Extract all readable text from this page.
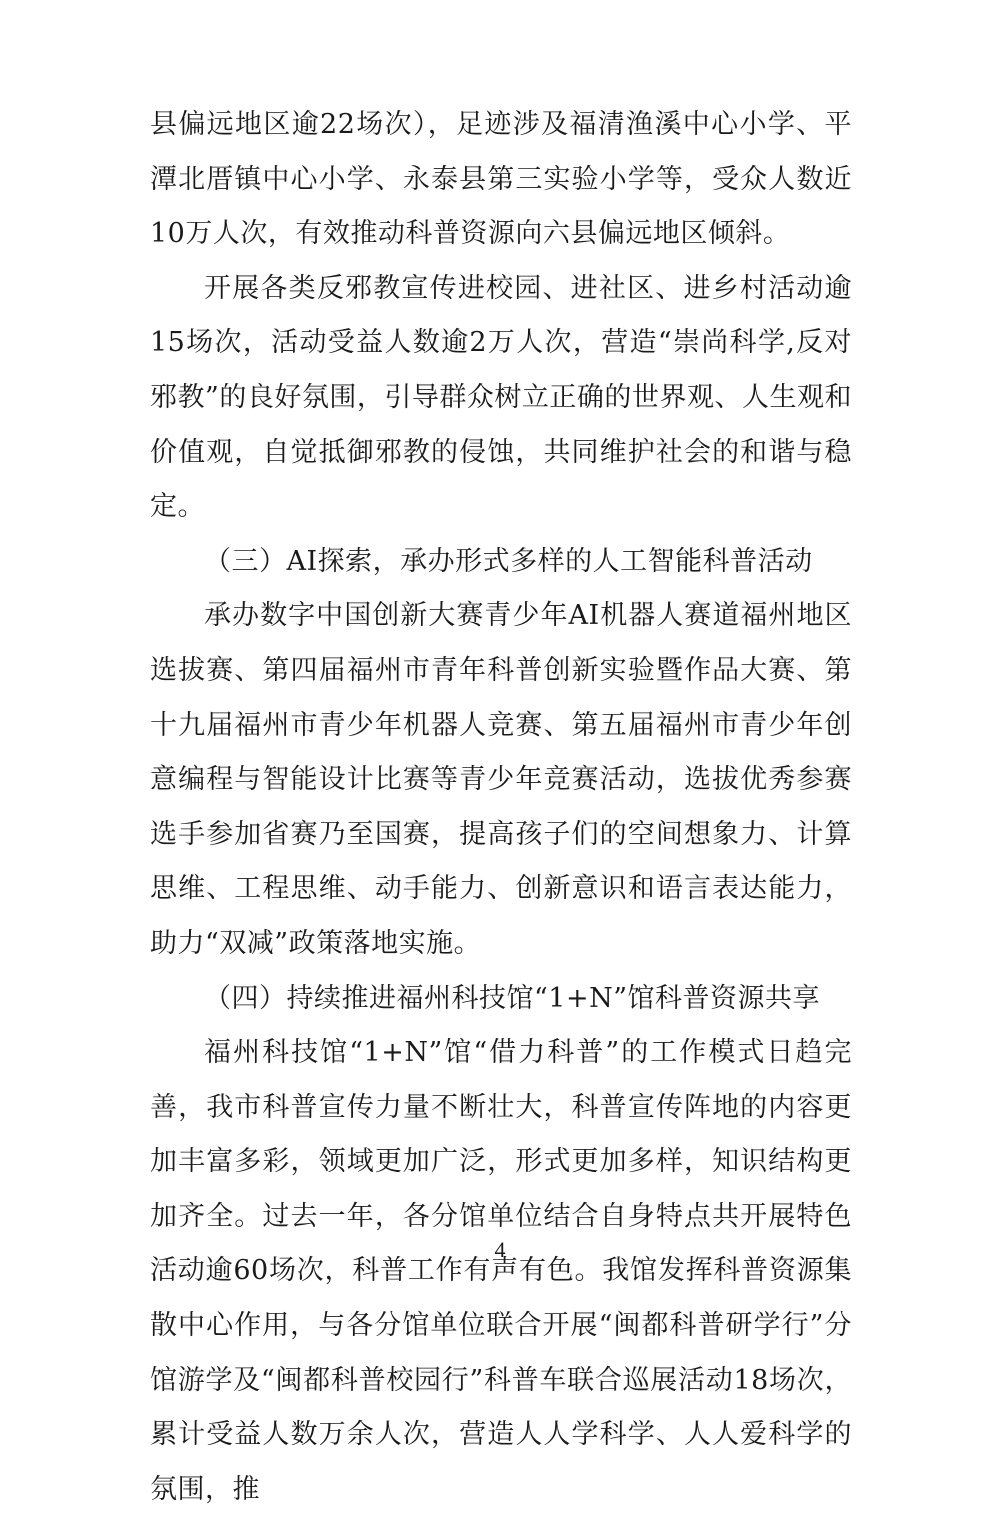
县偏远地区逾22场次），足迹涉及福清渔溪中心小学、平潭北厝镇中心小学、永泰县第三实验小学等，受众人数近10万人次，有效推动科普资源向六县偏远地区倾斜。

开展各类反邪教宣传进校园、进社区、进乡村活动逾15场次，活动受益人数逾2万人次，营造“崇尚科学,反对邪教”的良好氛围，引导群众树立正确的世界观、人生观和价值观，自觉抵御邪教的侵蚀，共同维护社会的和谐与稳定。

（三）AI探索，承办形式多样的人工智能科普活动

承办数字中国创新大赛青少年AI机器人赛道福州地区选拔赛、第四届福州市青年科普创新实验暨作品大赛、第十九届福州市青少年机器人竞赛、第五届福州市青少年创意编程与智能设计比赛等青少年竞赛活动，选拔优秀参赛选手参加省赛乃至国赛，提高孩子们的空间想象力、计算思维、工程思维、动手能力、创新意识和语言表达能力，助力“双减”政策落地实施。

（四）持续推进福州科技馆“1+N”馆科普资源共享

福州科技馆“1+N”馆“借力科普”的工作模式日趋完善，我市科普宣传力量不断壮大，科普宣传阵地的内容更加丰富多彩，领域更加广泛，形式更加多样，知识结构更加齐全。过去一年，各分馆单位结合自身特点共开展特色活动逾60场次，科普工作有声有色。我馆发挥科普资源集散中心作用，与各分馆单位联合开展“闽都科普研学行”分馆游学及“闽都科普校园行”科普车联合巡展活动18场次，累计受益人数万余人次，营造人人学科学、人人爱科学的氛围，推

4
